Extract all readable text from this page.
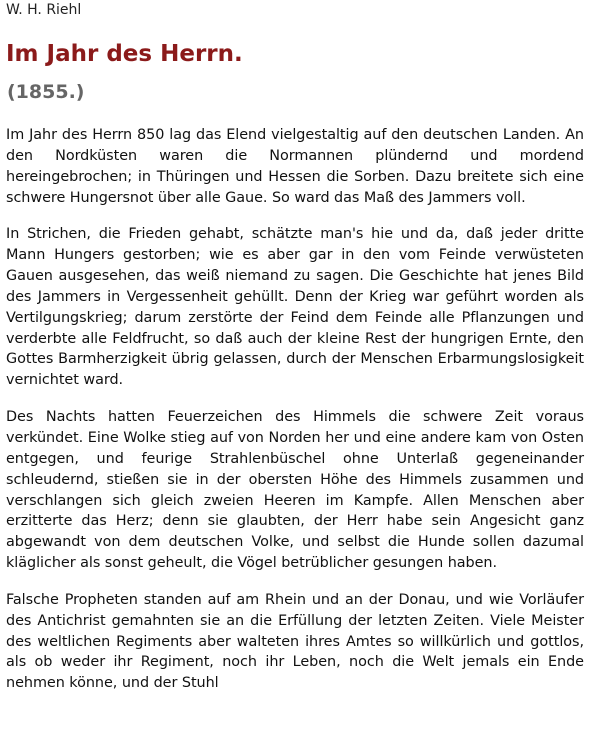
W. H. Riehl
Im Jahr des Herrn.
(1855.)

Im Jahr des Herrn 850 lag das Elend vielgestaltig auf den deutschen Landen. An den Nordküsten waren die Normannen plündernd und mordend hereingebrochen; in Thüringen und Hessen die Sorben. Dazu breitete sich eine schwere Hungersnot über alle Gaue. So ward das Maß des Jammers voll.

In Strichen, die Frieden gehabt, schätzte man's hie und da, daß jeder dritte Mann Hungers gestorben; wie es aber gar in den vom Feinde verwüsteten Gauen ausgesehen, das weiß niemand zu sagen. Die Geschichte hat jenes Bild des Jammers in Vergessenheit gehüllt. Denn der Krieg war geführt worden als Vertilgungskrieg; darum zerstörte der Feind dem Feinde alle Pflanzungen und verderbte alle Feldfrucht, so daß auch der kleine Rest der hungrigen Ernte, den Gottes Barmherzigkeit übrig gelassen, durch der Menschen Erbarmungslosigkeit vernichtet ward.

Des Nachts hatten Feuerzeichen des Himmels die schwere Zeit voraus verkündet. Eine Wolke stieg auf von Norden her und eine andere kam von Osten entgegen, und feurige Strahlenbüschel ohne Unterlaß gegeneinander schleudernd, stießen sie in der obersten Höhe des Himmels zusammen und verschlangen sich gleich zweien Heeren im Kampfe. Allen Menschen aber erzitterte das Herz; denn sie glaubten, der Herr habe sein Angesicht ganz abgewandt von dem deutschen Volke, und selbst die Hunde sollen dazumal kläglicher als sonst geheult, die Vögel betrüblicher gesungen haben.

Falsche Propheten standen auf am Rhein und an der Donau, und wie Vorläufer des Antichrist gemahnten sie an die Erfüllung der letzten Zeiten. Viele Meister des weltlichen Regiments aber walteten ihres Amtes so willkürlich und gottlos, als ob weder ihr Regiment, noch ihr Leben, noch die Welt jemals ein Ende nehmen könne, und der Stuhl
